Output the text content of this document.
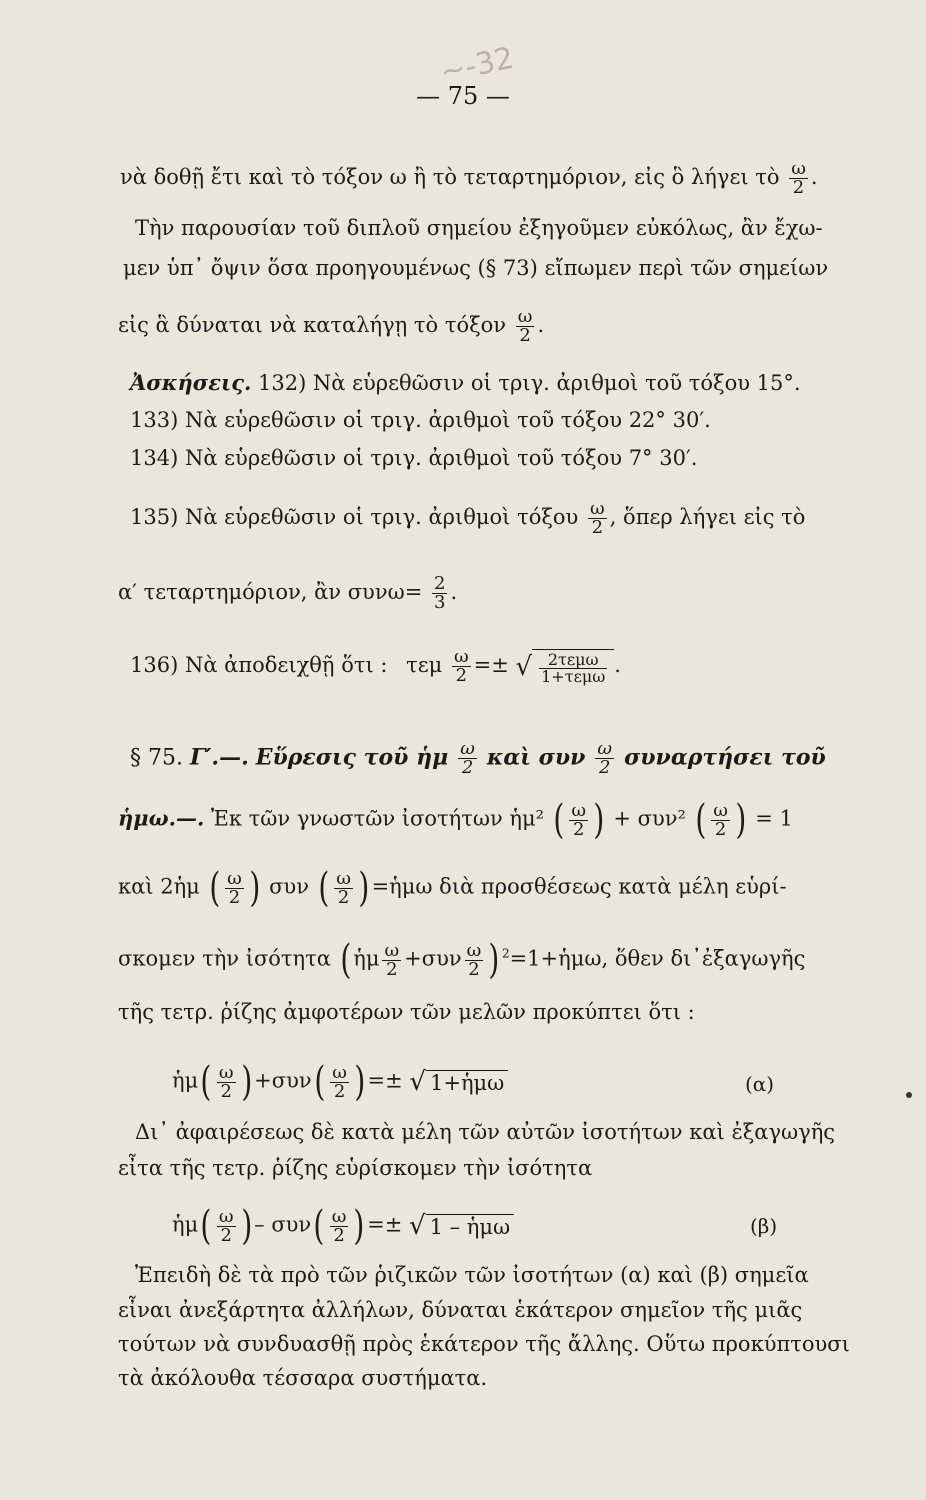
~-32
— 75 —
νὰ δοθῇ ἔτι καὶ τὸ τόξον ω ἢ τὸ τεταρτημόριον, εἰς ὃ λήγει τὸ $\frac{\omega}{2}$ .
Τὴν παρουσίαν τοῦ διπλοῦ σημείου ἐξηγοῦμεν εὐκόλως, ἂν ἔχω-
μεν ὑπ᾿ ὄψιν ὅσα προηγουμένως (§ 73) εἴπωμεν περὶ τῶν σημείων
εἰς ἃ δύναται νὰ καταλήγῃ τὸ τόξον $\frac{\omega}{2}$ .
Ἀσκήσεις. 132) Νὰ εὑρεθῶσιν οἱ τριγ. ἀριθμοὶ τοῦ τόξου 15°.
133) Νὰ εὑρεθῶσιν οἱ τριγ. ἀριθμοὶ τοῦ τόξου 22° 30′.
134) Νὰ εὑρεθῶσιν οἱ τριγ. ἀριθμοὶ τοῦ τόξου 7° 30′.
135) Νὰ εὑρεθῶσιν οἱ τριγ. ἀριθμοὶ τόξου $\frac{\omega}{2}$ , ὅπερ λήγει εἰς τὸ
α′ τεταρτημόριον, ἂν $\sigma\upsilon\nu\omega= \frac{2}{3}$ .
136) Νὰ ἀποδειχθῇ ὅτι : τεμ $\frac{\omega}{2}$ =± √ $\frac{\text{2τεμω}}{\text{1+τεμω}}$ .
§ 75. Γ′.—. Εὕρεσις τοῦ ἡμ $\frac{\omega}{2}$ καὶ συν $\frac{\omega}{2}$ συναρτήσει τοῦ
ἡμω.—. Ἐκ τῶν γνωστῶν ἰσοτήτων ἡμ² ( $\frac{\omega}{2}$ ) + συν² ( $\frac{\omega}{2}$ ) = 1
καὶ 2ἡμ ( $\frac{\omega}{2}$ ) συν ( $\frac{\omega}{2}$ ) =ἡμω διὰ προσθέσεως κατὰ μέλη εὑρί-
σκομεν τὴν ἰσότητα ( ἡμ $\frac{\omega}{2} +\sigma\upsilon\nu \frac{\omega}{2}$ ) $^2$=1+ἡμω, ὅθεν δι᾿ἐξαγωγῆς
τῆς τετρ. ῥίζης ἀμφοτέρων τῶν μελῶν προκύπτει ὅτι :
ἡμ( $\frac{\omega}{2}$ ) $+\sigma\upsilon\nu( \frac{\omega}{2}$ ) =± √ 1+ἡμω	(α)
Δι᾿ ἀφαιρέσεως δὲ κατὰ μέλη τῶν αὐτῶν ἰσοτήτων καὶ ἐξαγωγῆς
εἶτα τῆς τετρ. ῥίζης εὑρίσκομεν τὴν ἰσότητα
ἡμ( $\frac{\omega}{2}$ ) – $\sigma\upsilon\nu( \frac{\omega}{2}$ ) =± √ 1 – ἡμω	(β)
Ἐπειδὴ δὲ τὰ πρὸ τῶν ῥιζικῶν τῶν ἰσοτήτων (α) καὶ (β) σημεῖα
εἶναι ἀνεξάρτητα ἀλλήλων, δύναται ἑκάτερον σημεῖον τῆς μιᾶς
τούτων νὰ συνδυασθῇ πρὸς ἑκάτερον τῆς ἄλλης. Οὕτω προκύπτουσι
τὰ ἀκόλουθα τέσσαρα συστήματα.
